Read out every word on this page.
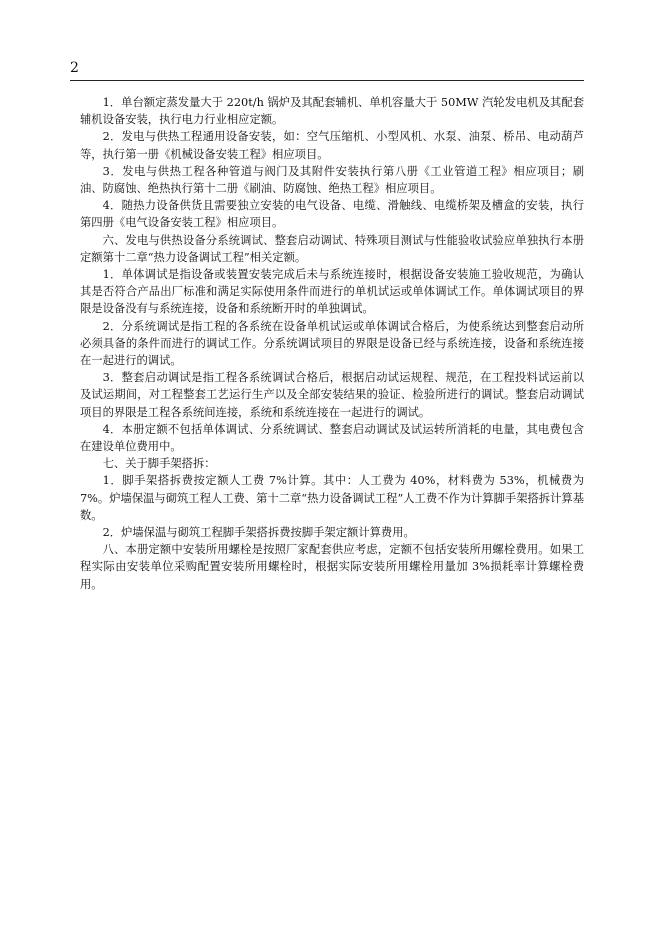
2

1．单台额定蒸发量大于 220t/h 锅炉及其配套辅机、单机容量大于 50MW 汽轮发电机及其配套辅机设备安装，执行电力行业相应定额。

2．发电与供热工程通用设备安装，如：空气压缩机、小型风机、水泵、油泵、桥吊、电动葫芦等，执行第一册《机械设备安装工程》相应项目。

3．发电与供热工程各种管道与阀门及其附件安装执行第八册《工业管道工程》相应项目；刷油、防腐蚀、绝热执行第十二册《刷油、防腐蚀、绝热工程》相应项目。

4．随热力设备供货且需要独立安装的电气设备、电缆、滑触线、电缆桥架及槽盒的安装，执行第四册《电气设备安装工程》相应项目。

六、发电与供热设备分系统调试、整套启动调试、特殊项目测试与性能验收试验应单独执行本册定额第十二章“热力设备调试工程”相关定额。

1．单体调试是指设备或装置安装完成后未与系统连接时，根据设备安装施工验收规范，为确认其是否符合产品出厂标准和满足实际使用条件而进行的单机试运或单体调试工作。单体调试项目的界限是设备没有与系统连接，设备和系统断开时的单独调试。

2．分系统调试是指工程的各系统在设备单机试运或单体调试合格后，为使系统达到整套启动所必须具备的条件而进行的调试工作。分系统调试项目的界限是设备已经与系统连接，设备和系统连接在一起进行的调试。

3．整套启动调试是指工程各系统调试合格后，根据启动试运规程、规范，在工程投料试运前以及试运期间，对工程整套工艺运行生产以及全部安装结果的验证、检验所进行的调试。整套启动调试项目的界限是工程各系统间连接，系统和系统连接在一起进行的调试。

4．本册定额不包括单体调试、分系统调试、整套启动调试及试运转所消耗的电量，其电费包含在建设单位费用中。

七、关于脚手架搭拆：

1．脚手架搭拆费按定额人工费 7%计算。其中：人工费为 40%，材料费为 53%，机械费为 7%。炉墙保温与砌筑工程人工费、第十二章“热力设备调试工程”人工费不作为计算脚手架搭拆计算基数。

2．炉墙保温与砌筑工程脚手架搭拆费按脚手架定额计算费用。

八、本册定额中安装所用螺栓是按照厂家配套供应考虑，定额不包括安装所用螺栓费用。如果工程实际由安装单位采购配置安装所用螺栓时，根据实际安装所用螺栓用量加 3%损耗率计算螺栓费用。
